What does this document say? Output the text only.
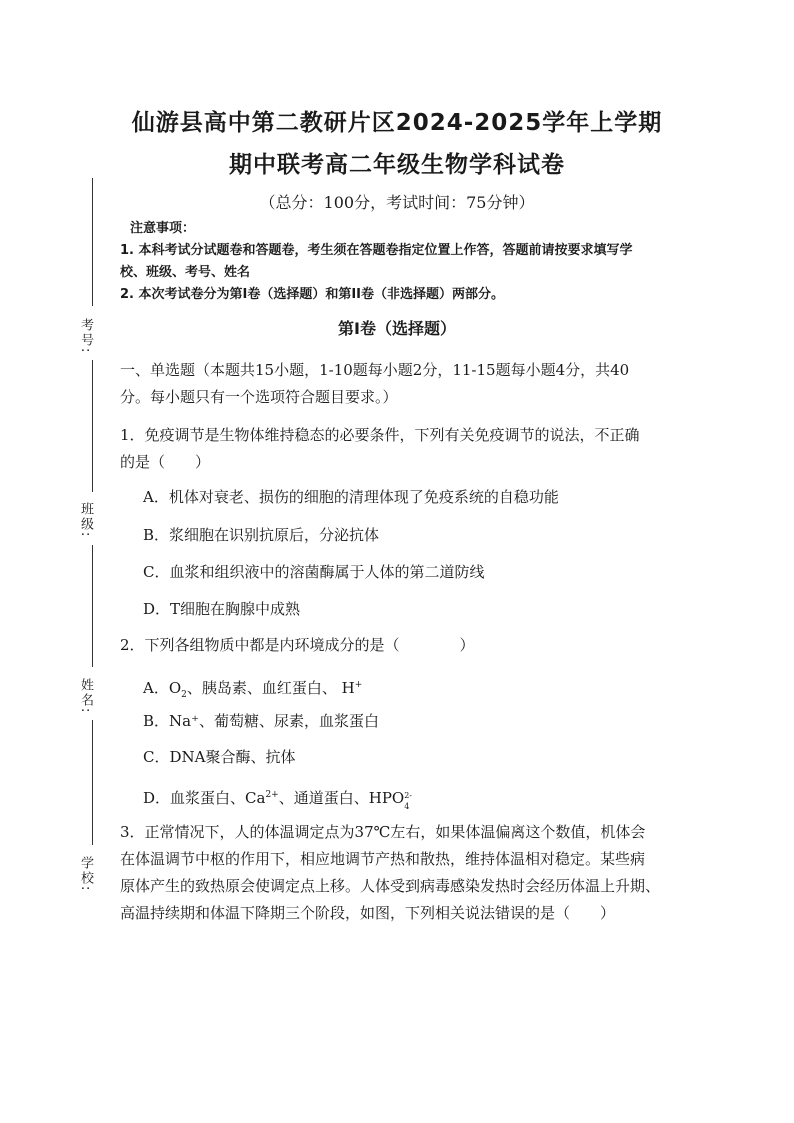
考号:
班级:
姓名:
学校:
仙游县高中第二教研片区2024-2025学年上学期
期中联考高二年级生物学科试卷
（总分：100分，考试时间：75分钟）
注意事项：
1. 本科考试分试题卷和答题卷，考生须在答题卷指定位置上作答，答题前请按要求填写学
校、班级、考号、姓名
2. 本次考试卷分为第I卷（选择题）和第II卷（非选择题）两部分。
第I卷（选择题）
一、单选题（本题共15小题，1-10题每小题2分，11-15题每小题4分，共40
分。每小题只有一个选项符合题目要求。）
1．免疫调节是生物体维持稳态的必要条件，下列有关免疫调节的说法，不正确
的是（　　）
A．机体对衰老、损伤的细胞的清理体现了免疫系统的自稳功能
B．浆细胞在识别抗原后，分泌抗体
C．血浆和组织液中的溶菌酶属于人体的第二道防线
D．T细胞在胸腺中成熟
2．下列各组物质中都是内环境成分的是（　　　　）
A．$O_2$、胰岛素、血红蛋白、 H+
B．Na⁺、葡萄糖、尿素，血浆蛋白
C．DNA聚合酶、抗体
D．血浆蛋白、$Ca^{2+}$、通道蛋白、HPO 2-
4
3．正常情况下，人的体温调定点为37℃左右，如果体温偏离这个数值，机体会
在体温调节中枢的作用下，相应地调节产热和散热，维持体温相对稳定。某些病
原体产生的致热原会使调定点上移。人体受到病毒感染发热时会经历体温上升期、
高温持续期和体温下降期三个阶段，如图，下列相关说法错误的是（　　）
